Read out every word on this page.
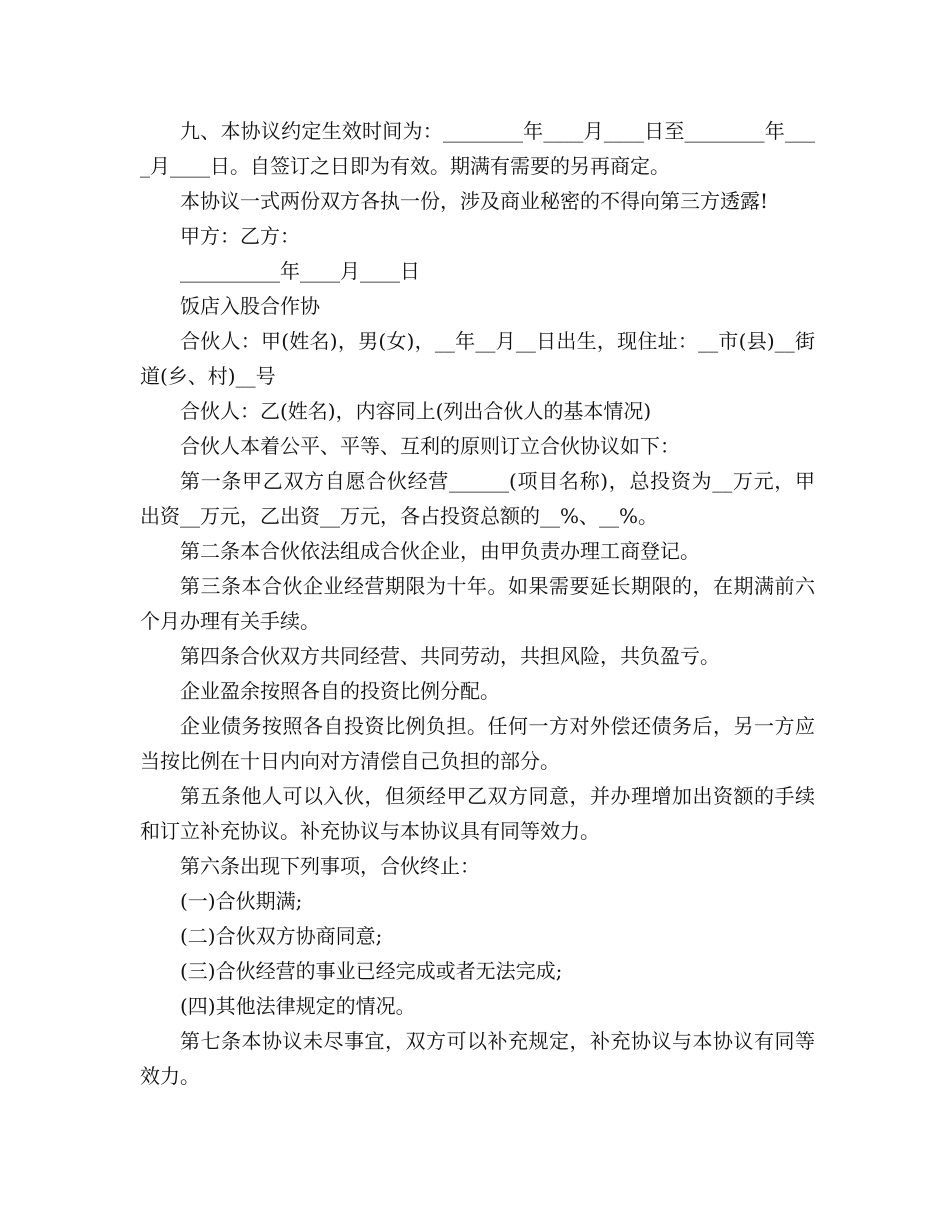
九、本协议约定生效时间为：________年____月____日至________年____月____日。自签订之日即为有效。期满有需要的另再商定。

本协议一式两份双方各执一份，涉及商业秘密的不得向第三方透露!

甲方：乙方：

__________年____月____日

饭店入股合作协

合伙人：甲(姓名)，男(女)，__年__月__日出生，现住址：__市(县)__街道(乡、村)__号

合伙人：乙(姓名)，内容同上(列出合伙人的基本情况)

合伙人本着公平、平等、互利的原则订立合伙协议如下：

第一条甲乙双方自愿合伙经营______(项目名称)，总投资为__万元，甲出资__万元，乙出资__万元，各占投资总额的__%、__%。

第二条本合伙依法组成合伙企业，由甲负责办理工商登记。

第三条本合伙企业经营期限为十年。如果需要延长期限的，在期满前六个月办理有关手续。

第四条合伙双方共同经营、共同劳动，共担风险，共负盈亏。

企业盈余按照各自的投资比例分配。

企业债务按照各自投资比例负担。任何一方对外偿还债务后，另一方应当按比例在十日内向对方清偿自己负担的部分。

第五条他人可以入伙，但须经甲乙双方同意，并办理增加出资额的手续和订立补充协议。补充协议与本协议具有同等效力。

第六条出现下列事项，合伙终止：

(一)合伙期满;

(二)合伙双方协商同意;

(三)合伙经营的事业已经完成或者无法完成;

(四)其他法律规定的情况。

第七条本协议未尽事宜，双方可以补充规定，补充协议与本协议有同等效力。
